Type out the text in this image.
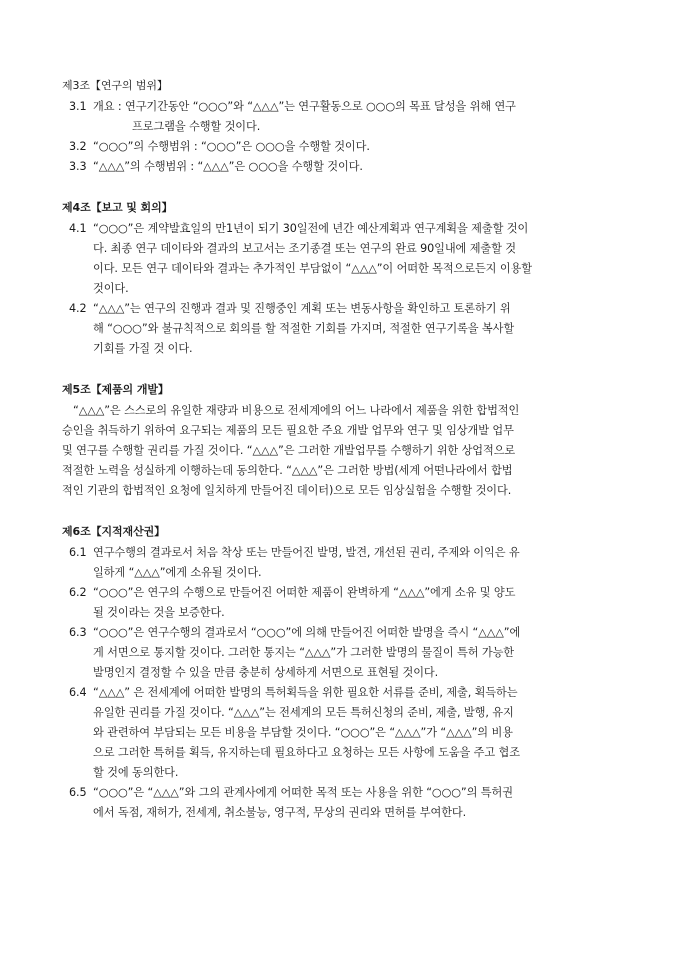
제3조【연구의 범위】
3.1 개요 : 연구기간동안 “○○○”와 “△△△”는 연구활동으로 ○○○의 목표 달성을 위해 연구
프로그램을 수행할 것이다.
3.2 “○○○”의 수행범위 : “○○○”은 ○○○을 수행할 것이다.
3.3 “△△△”의 수행범위 : “△△△”은 ○○○을 수행할 것이다.
제4조【보고 및 회의】
4.1 “○○○”은 계약발효일의 만1년이 되기 30일전에 년간 예산계획과 연구계획을 제출할 것이
다. 최종 연구 데이타와 결과의 보고서는 조기종결 또는 연구의 완료 90일내에 제출할 것
이다. 모든 연구 데이타와 결과는 추가적인 부담없이 “△△△”이 어떠한 목적으로든지 이용할
것이다.
4.2 “△△△”는 연구의 진행과 결과 및 진행중인 계획 또는 변동사항을 확인하고 토론하기 위
해 “○○○”와 불규칙적으로 회의를 할 적절한 기회를 가지며, 적절한 연구기록을 복사할
기회를 가질 것 이다.
제5조【제품의 개발】
“△△△”은 스스로의 유일한 재량과 비용으로 전세계에의 어느 나라에서 제품을 위한 합법적인
승인을 취득하기 위하여 요구되는 제품의 모든 필요한 주요 개발 업무와 연구 및 임상개발 업무
및 연구를 수행할 권리를 가질 것이다. “△△△”은 그러한 개발업무를 수행하기 위한 상업적으로
적절한 노력을 성실하게 이행하는데 동의한다. “△△△”은 그러한 방법(세계 어떤나라에서 합법
적인 기관의 합법적인 요청에 일치하게 만들어진 데이터)으로 모든 임상실험을 수행할 것이다.
제6조【지적재산권】
6.1 연구수행의 결과로서 처음 착상 또는 만들어진 발명, 발견, 개선된 권리, 주제와 이익은 유
일하게 “△△△”에게 소유될 것이다.
6.2 “○○○”은 연구의 수행으로 만들어진 어떠한 제품이 완벽하게 “△△△”에게 소유 및 양도
될 것이라는 것을 보증한다.
6.3 “○○○”은 연구수행의 결과로서 “○○○”에 의해 만들어진 어떠한 발명을 즉시 “△△△”에
게 서면으로 통지할 것이다. 그러한 통지는 “△△△”가 그러한 발명의 물질이 특허 가능한
발명인지 결정할 수 있을 만큼 충분히 상세하게 서면으로 표현될 것이다.
6.4 “△△△” 은 전세계에 어떠한 발명의 특허획득을 위한 필요한 서류를 준비, 제출, 획득하는
유일한 권리를 가질 것이다. “△△△”는 전세계의 모든 특허신청의 준비, 제출, 발행, 유지
와 관련하여 부담되는 모든 비용을 부담할 것이다. “○○○”은 “△△△”가 “△△△”의 비용
으로 그러한 특허를 획득, 유지하는데 필요하다고 요청하는 모든 사항에 도움을 주고 협조
할 것에 동의한다.
6.5 “○○○”은 “△△△”와 그의 관계사에게 어떠한 목적 또는 사용을 위한 “○○○”의 특허권
에서 독점, 재허가, 전세계, 취소불능, 영구적, 무상의 권리와 면허를 부여한다.
